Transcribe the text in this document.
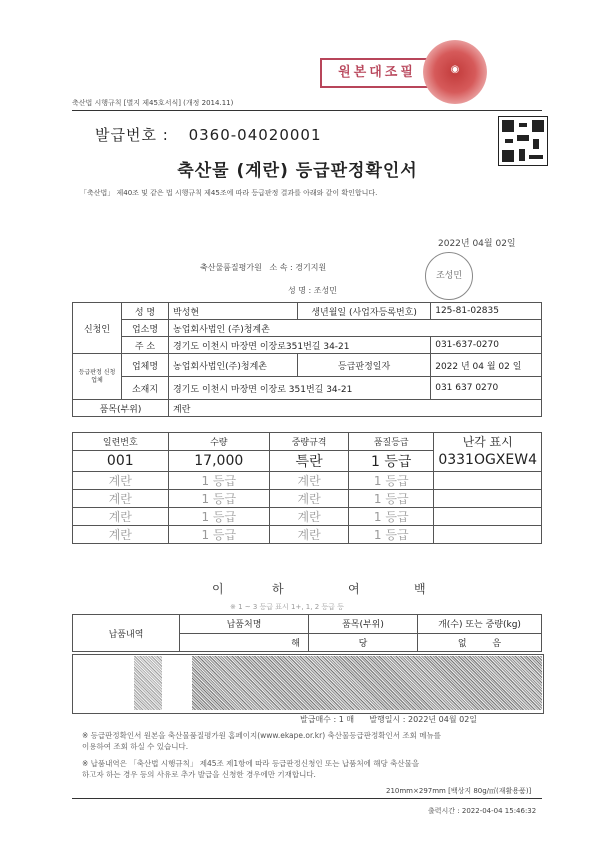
원본대조필	◉
축산법 시행규칙 [별지 제45호서식] (개정 2014.11)
발급번호 : 0360-04020001
축산물 (계란) 등급판정확인서
「축산법」 제40조 및 같은 법 시행규칙 제45조에 따라 등급판정 결과를 아래와 같이 확인합니다.
2022년 04월 02일
축산물품질평가원 소 속 : 경기지원
성 명 : 조성민
조성민
신청인	성 명	박성현	생년월일 (사업자등록번호)	125-81-02835
	업소명	농업회사법인 (주)청계촌		
	주 소	경기도 이천시 마장면 이장로351번길 34-21		031-637-0270
등급판정 신청 업체	업체명	농업회사법인(주)청계촌	등급판정일자	2022 년 04 월 02 일
	소재지	경기도 이천시 마장면 이장로 351번길 34-21		031 637 0270
품목(부위)		계란		
일련번호	수량	중량규격	품질등급	난각 표시
001	17,000	특란	1 등급	0331OGXEW4
계란	1 등급	계란	1 등급	
계란	1 등급	계란	1 등급	
계란	1 등급	계란	1 등급	
계란	1 등급	계란	1 등급	
이	하	여	백
※ 1 ~ 3 등급 표시 1+, 1, 2 등급 등
납품내역	납품처명	품목(부위)	개(수) 또는 중량(kg)

	해	당	없 음
발급매수 : 1 매 발행일시 : 2022년 04월 02일
※ 등급판정확인서 원본을 축산물품질평가원 홈페이지(www.ekape.or.kr) 축산물등급판정확인서 조회 메뉴를
이용하여 조회 하실 수 있습니다.
※ 납품내역은 「축산법 시행규칙」 제45조 제1항에 따라 등급판정신청인 또는 납품처에 해당 축산물을
하고자 하는 경우 등의 사유로 추가 발급을 신청한 경우에만 기재합니다.
210mm×297mm [백상지 80g/㎡(재활용품)]
출력시간 : 2022-04-04 15:46:32
